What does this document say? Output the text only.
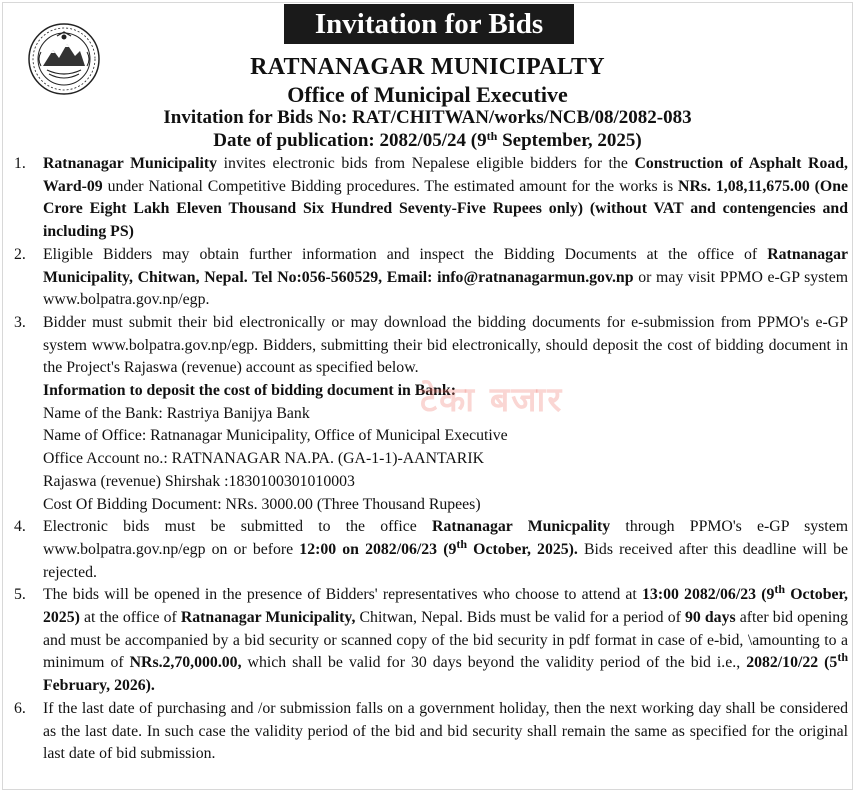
Invitation for Bids
RATNANAGAR MUNICIPALTY
Office of Municipal Executive
Invitation for Bids No: RAT/CHITWAN/works/NCB/08/2082-083
Date of publication: 2082/05/24 (9th September, 2025)
1. Ratnanagar Municipality invites electronic bids from Nepalese eligible bidders for the Construction of Asphalt Road, Ward-09 under National Competitive Bidding procedures. The estimated amount for the works is NRs. 1,08,11,675.00 (One Crore Eight Lakh Eleven Thousand Six Hundred Seventy-Five Rupees only) (without VAT and contengencies and including PS)
2. Eligible Bidders may obtain further information and inspect the Bidding Documents at the office of Ratnanagar Municipality, Chitwan, Nepal. Tel No:056-560529, Email: info@ratnanagarmun.gov.np or may visit PPMO e-GP system www.bolpatra.gov.np/egp.
3. Bidder must submit their bid electronically or may download the bidding documents for e-submission from PPMO's e-GP system www.bolpatra.gov.np/egp. Bidders, submitting their bid electronically, should deposit the cost of bidding document in the Project's Rajaswa (revenue) account as specified below.
Information to deposit the cost of bidding document in Bank:
Name of the Bank: Rastriya Banijya Bank
Name of Office: Ratnanagar Municipality, Office of Municipal Executive
Office Account no.: RATNANAGAR NA.PA. (GA-1-1)-AANTARIK
Rajaswa (revenue) Shirshak :1830100301010003
Cost Of Bidding Document: NRs. 3000.00 (Three Thousand Rupees)
4. Electronic bids must be submitted to the office Ratnanagar Municpality through PPMO's e-GP system www.bolpatra.gov.np/egp on or before 12:00 on 2082/06/23 (9th October, 2025). Bids received after this deadline will be rejected.
5. The bids will be opened in the presence of Bidders' representatives who choose to attend at 13:00 2082/06/23 (9th October, 2025) at the office of Ratnanagar Municipality, Chitwan, Nepal. Bids must be valid for a period of 90 days after bid opening and must be accompanied by a bid security or scanned copy of the bid security in pdf format in case of e-bid, \amounting to a minimum of NRs.2,70,000.00, which shall be valid for 30 days beyond the validity period of the bid i.e., 2082/10/22 (5th February, 2026).
6. If the last date of purchasing and /or submission falls on a government holiday, then the next working day shall be considered as the last date. In such case the validity period of the bid and bid security shall remain the same as specified for the original last date of bid submission.
टेका बजार
